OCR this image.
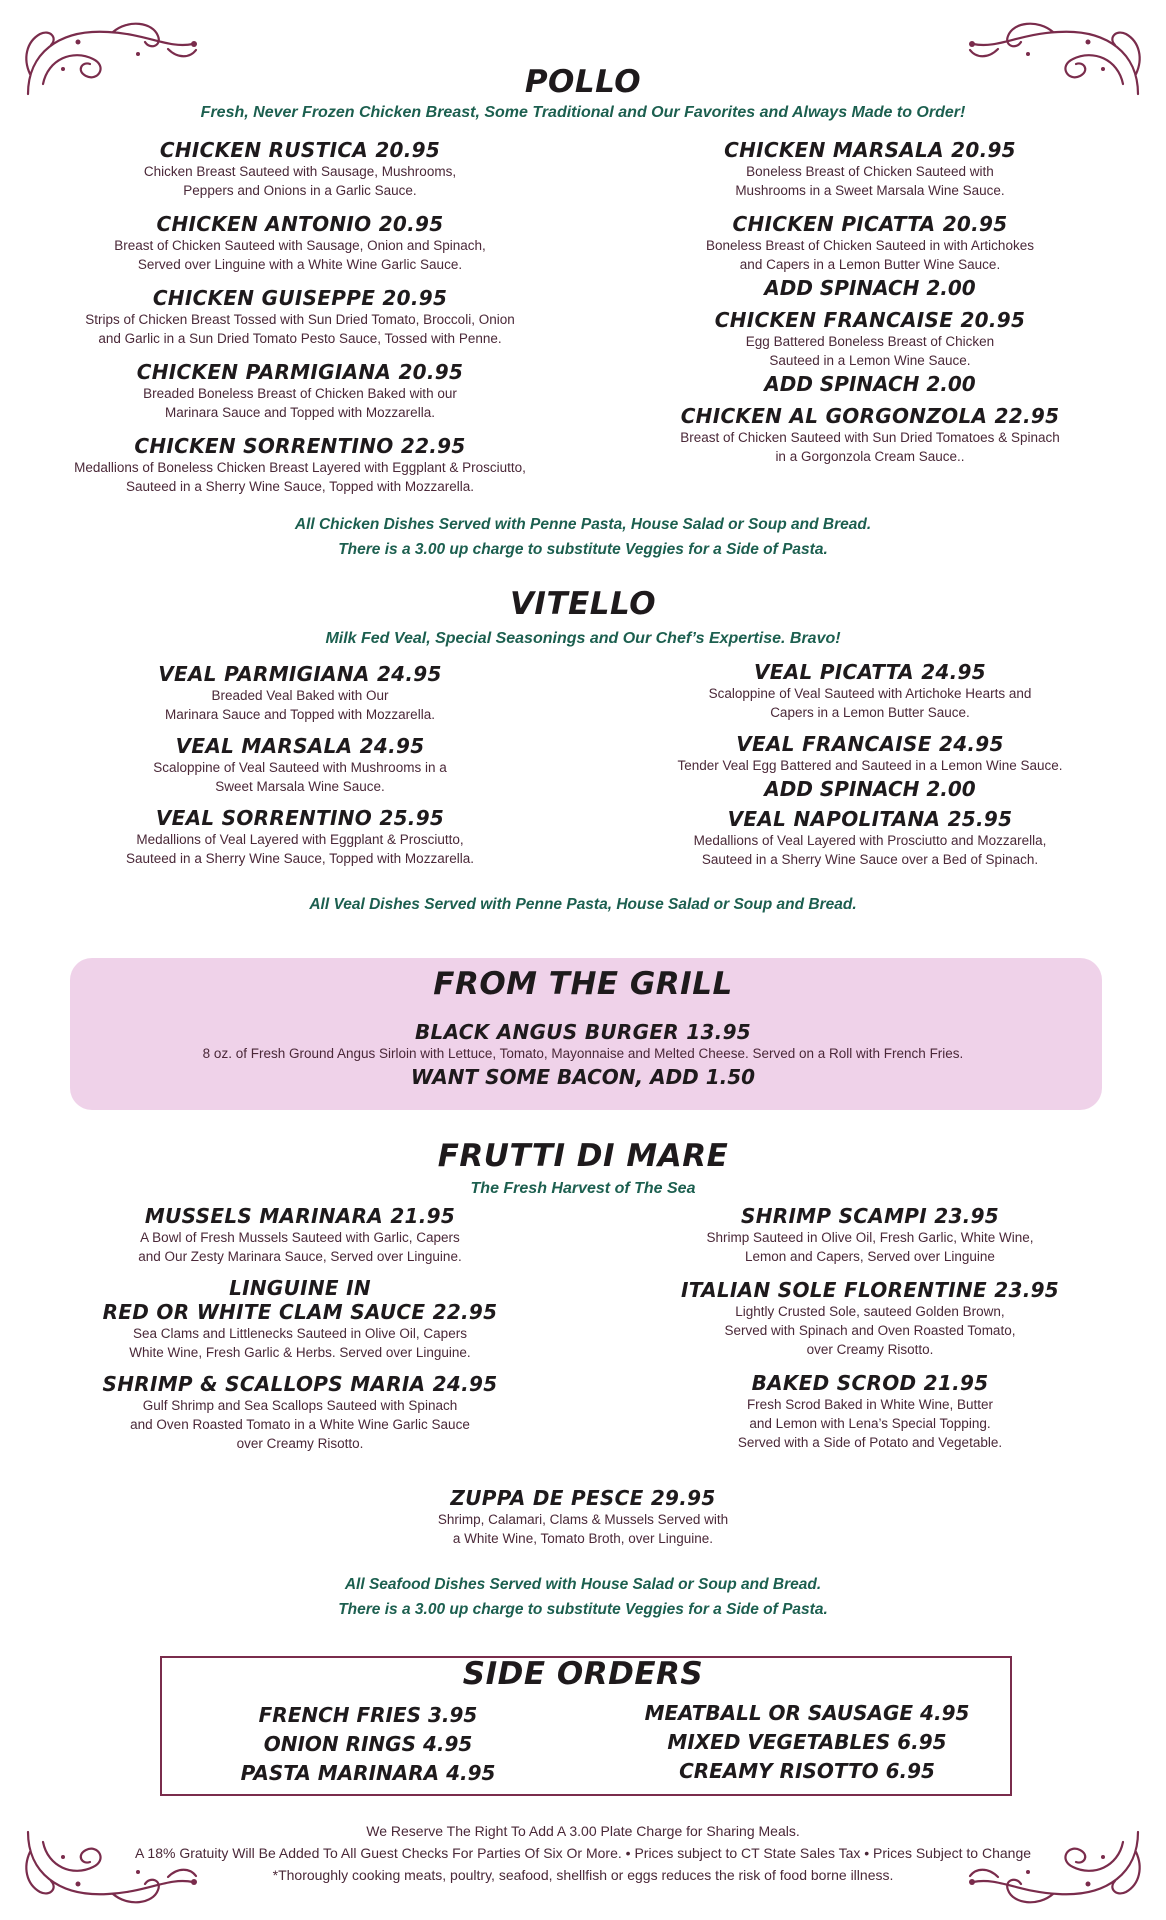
POLLO
Fresh, Never Frozen Chicken Breast, Some Traditional and Our Favorites and Always Made to Order!
CHICKEN RUSTICA 20.95
Chicken Breast Sauteed with Sausage, Mushrooms,
Peppers and Onions in a Garlic Sauce.
CHICKEN ANTONIO 20.95
Breast of Chicken Sauteed with Sausage, Onion and Spinach,
Served over Linguine with a White Wine Garlic Sauce.
CHICKEN GUISEPPE 20.95
Strips of Chicken Breast Tossed with Sun Dried Tomato, Broccoli, Onion
and Garlic in a Sun Dried Tomato Pesto Sauce, Tossed with Penne.
CHICKEN PARMIGIANA 20.95
Breaded Boneless Breast of Chicken Baked with our
Marinara Sauce and Topped with Mozzarella.
CHICKEN SORRENTINO 22.95
Medallions of Boneless Chicken Breast Layered with Eggplant & Prosciutto,
Sauteed in a Sherry Wine Sauce, Topped with Mozzarella.
CHICKEN MARSALA 20.95
Boneless Breast of Chicken Sauteed with
Mushrooms in a Sweet Marsala Wine Sauce.
CHICKEN PICATTA 20.95
Boneless Breast of Chicken Sauteed in with Artichokes
and Capers in a Lemon Butter Wine Sauce.
ADD SPINACH 2.00
CHICKEN FRANCAISE 20.95
Egg Battered Boneless Breast of Chicken
Sauteed in a Lemon Wine Sauce.
ADD SPINACH 2.00
CHICKEN AL GORGONZOLA 22.95
Breast of Chicken Sauteed with Sun Dried Tomatoes & Spinach
in a Gorgonzola Cream Sauce..
All Chicken Dishes Served with Penne Pasta, House Salad or Soup and Bread.
There is a 3.00 up charge to substitute Veggies for a Side of Pasta.
VITELLO
Milk Fed Veal, Special Seasonings and Our Chef’s Expertise. Bravo!
VEAL PARMIGIANA 24.95
Breaded Veal Baked with Our
Marinara Sauce and Topped with Mozzarella.
VEAL MARSALA 24.95
Scaloppine of Veal Sauteed with Mushrooms in a
Sweet Marsala Wine Sauce.
VEAL SORRENTINO 25.95
Medallions of Veal Layered with Eggplant & Prosciutto,
Sauteed in a Sherry Wine Sauce, Topped with Mozzarella.
VEAL PICATTA 24.95
Scaloppine of Veal Sauteed with Artichoke Hearts and
Capers in a Lemon Butter Sauce.
VEAL FRANCAISE 24.95
Tender Veal Egg Battered and Sauteed in a Lemon Wine Sauce.
ADD SPINACH 2.00
VEAL NAPOLITANA 25.95
Medallions of Veal Layered with Prosciutto and Mozzarella,
Sauteed in a Sherry Wine Sauce over a Bed of Spinach.
All Veal Dishes Served with Penne Pasta, House Salad or Soup and Bread.
FROM THE GRILL
BLACK ANGUS BURGER 13.95
8 oz. of Fresh Ground Angus Sirloin with Lettuce, Tomato, Mayonnaise and Melted Cheese. Served on a Roll with French Fries.
WANT SOME BACON, ADD 1.50
FRUTTI DI MARE
The Fresh Harvest of The Sea
MUSSELS MARINARA 21.95
A Bowl of Fresh Mussels Sauteed with Garlic, Capers
and Our Zesty Marinara Sauce, Served over Linguine.
LINGUINE IN
RED OR WHITE CLAM SAUCE 22.95
Sea Clams and Littlenecks Sauteed in Olive Oil, Capers
White Wine, Fresh Garlic & Herbs. Served over Linguine.
SHRIMP & SCALLOPS MARIA 24.95
Gulf Shrimp and Sea Scallops Sauteed with Spinach
and Oven Roasted Tomato in a White Wine Garlic Sauce
over Creamy Risotto.
SHRIMP SCAMPI 23.95
Shrimp Sauteed in Olive Oil, Fresh Garlic, White Wine,
Lemon and Capers, Served over Linguine
ITALIAN SOLE FLORENTINE 23.95
Lightly Crusted Sole, sauteed Golden Brown,
Served with Spinach and Oven Roasted Tomato,
over Creamy Risotto.
BAKED SCROD 21.95
Fresh Scrod Baked in White Wine, Butter
and Lemon with Lena’s Special Topping.
Served with a Side of Potato and Vegetable.
ZUPPA DE PESCE 29.95
Shrimp, Calamari, Clams & Mussels Served with
a White Wine, Tomato Broth, over Linguine.
All Seafood Dishes Served with House Salad or Soup and Bread.
There is a 3.00 up charge to substitute Veggies for a Side of Pasta.
SIDE ORDERS
FRENCH FRIES 3.95
ONION RINGS 4.95
PASTA MARINARA 4.95
MEATBALL OR SAUSAGE 4.95
MIXED VEGETABLES 6.95
CREAMY RISOTTO 6.95
We Reserve The Right To Add A 3.00 Plate Charge for Sharing Meals.
A 18% Gratuity Will Be Added To All Guest Checks For Parties Of Six Or More. • Prices subject to CT State Sales Tax • Prices Subject to Change
*Thoroughly cooking meats, poultry, seafood, shellfish or eggs reduces the risk of food borne illness.
